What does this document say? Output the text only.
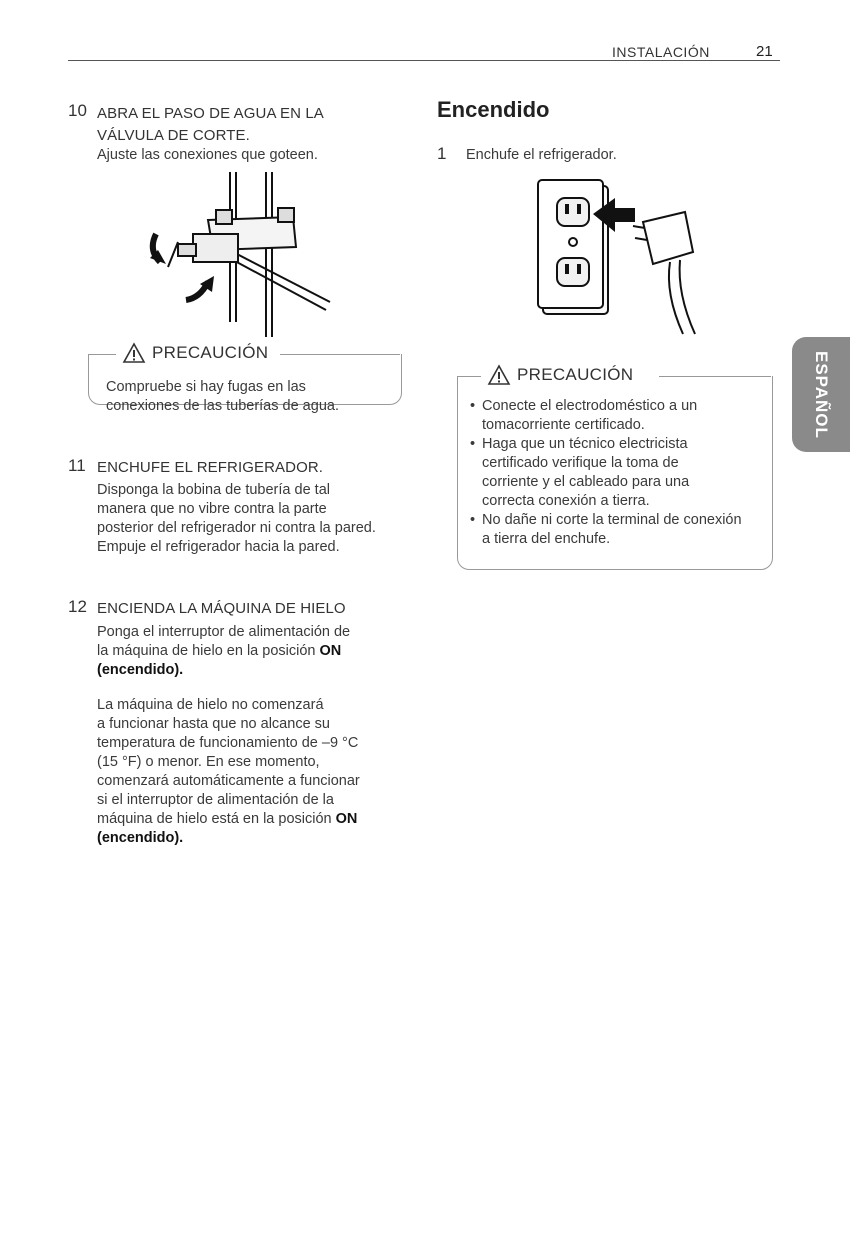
INSTALACIÓN	21
10 ABRA EL PASO DE AGUA EN LA
VÁLVULA DE CORTE.
Ajuste las conexiones que goteen.
PRECAUCIÓN
Compruebe si hay fugas en las
conexiones de las tuberías de agua.
11 ENCHUFE EL REFRIGERADOR.
Disponga la bobina de tubería de tal
manera que no vibre contra la parte
posterior del refrigerador ni contra la pared.
Empuje el refrigerador hacia la pared.
12 ENCIENDA LA MÁQUINA DE HIELO
Ponga el interruptor de alimentación de
la máquina de hielo en la posición ON
(encendido).
La máquina de hielo no comenzará
a funcionar hasta que no alcance su
temperatura de funcionamiento de –9 °C
(15 °F) o menor. En ese momento,
comenzará automáticamente a funcionar
si el interruptor de alimentación de la
máquina de hielo está en la posición ON
(encendido).
Encendido
1 Enchufe el refrigerador.
PRECAUCIÓN
• Conecte el electrodoméstico a un
tomacorriente certificado.
• Haga que un técnico electricista
certificado verifique la toma de
corriente y el cableado para una
correcta conexión a tierra.
• No dañe ni corte la terminal de conexión
a tierra del enchufe.
ESPAÑOL
